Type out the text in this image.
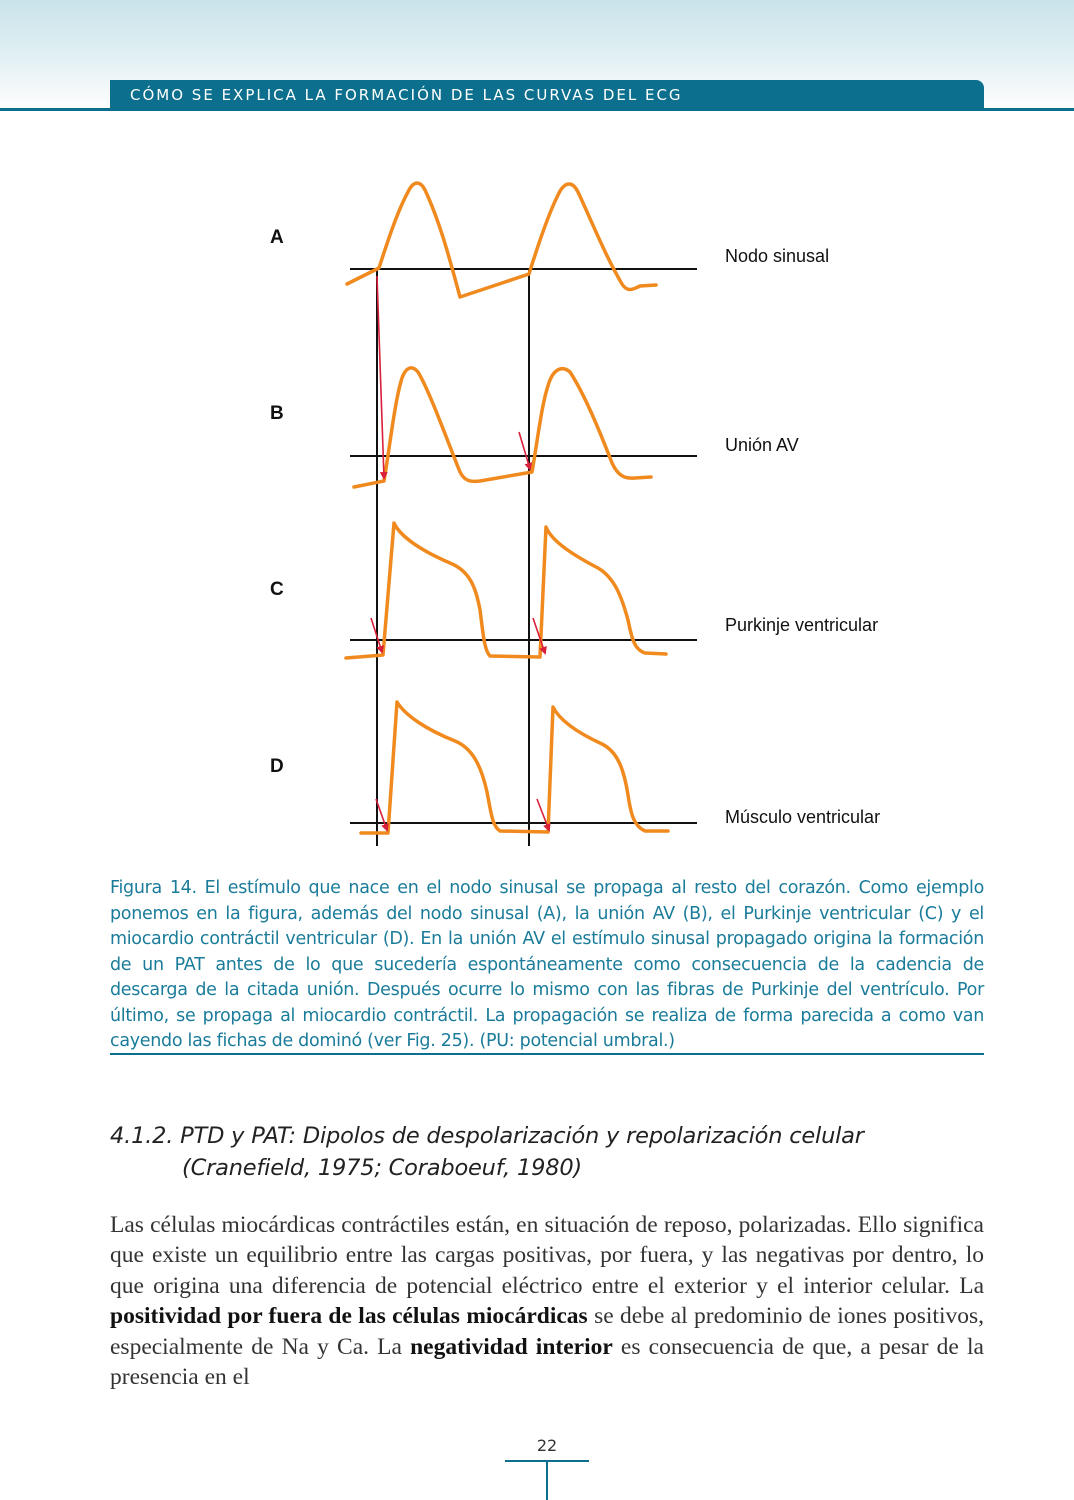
CÓMO SE EXPLICA LA FORMACIÓN DE LAS CURVAS DEL ECG
A
B
C
D
Nodo sinusal
Unión AV
Purkinje ventricular
Músculo ventricular
Figura 14. El estímulo que nace en el nodo sinusal se propaga al resto del corazón. Como ejemplo ponemos en la figura, además del nodo sinusal (A), la unión AV (B), el Purkinje ventricular (C) y el miocardio contráctil ventricular (D). En la unión AV el estímulo sinusal propagado origina la formación de un PAT antes de lo que sucedería espontáneamente como consecuencia de la cadencia de descarga de la citada unión. Después ocurre lo mismo con las fibras de Purkinje del ventrículo. Por último, se propaga al miocardio contráctil. La propagación se realiza de forma parecida a como van cayendo las fichas de dominó (ver Fig. 25). (PU: potencial umbral.)
4.1.2. PTD y PAT: Dipolos de despolarización y repolarización celular
(Cranefield, 1975; Coraboeuf, 1980)
Las células miocárdicas contráctiles están, en situación de reposo, polarizadas. Ello significa que existe un equilibrio entre las cargas positivas, por fuera, y las negativas por dentro, lo que origina una diferencia de potencial eléctrico entre el exterior y el interior celular. La positividad por fuera de las células miocárdicas se debe al predominio de iones positivos, especialmente de Na y Ca. La negatividad interior es consecuencia de que, a pesar de la presencia en el
22
